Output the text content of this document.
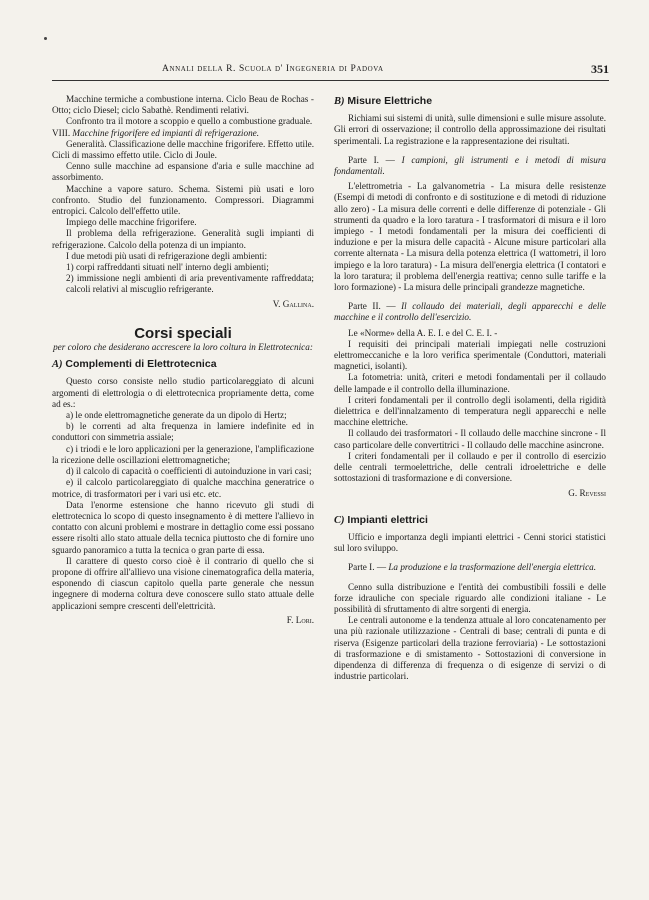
Annali della R. Scuola d' Ingegneria di Padova	351

Macchine termiche a combustione interna. Ciclo Beau de Rochas - Otto; ciclo Diesel; ciclo Sabathè. Rendimenti relativi.

Confronto tra il motore a scoppio e quello a combustione graduale.

VIII. Macchine frigorifere ed impianti di refrigerazione.

Generalità. Classificazione delle macchine frigorifere. Effetto utile. Cicli di massimo effetto utile. Ciclo di Joule.

Cenno sulle macchine ad espansione d'aria e sulle macchine ad assorbimento.

Macchine a vapore saturo. Schema. Sistemi più usati e loro confronto. Studio del funzionamento. Compressori. Diagrammi entropici. Calcolo dell'effetto utile.

Impiego delle macchine frigorifere.

Il problema della refrigerazione. Generalità sugli impianti di refrigerazione. Calcolo della potenza di un impianto.

I due metodi più usati di refrigerazione degli ambienti:

1) corpi raffreddanti situati nell' interno degli ambienti;

2) immissione negli ambienti di aria preventivamente raffreddata; calcoli relativi al miscuglio refrigerante.

V. Gallina.

Corsi speciali

per coloro che desiderano accrescere la loro coltura in Elettrotecnica:

A) Complementi di Elettrotecnica

Questo corso consiste nello studio particolareggiato di alcuni argomenti di elettrologia o di elettrotecnica propriamente detta, come ad es.:

a) le onde elettromagnetiche generate da un dipolo di Hertz;

b) le correnti ad alta frequenza in lamiere indefinite ed in conduttori con simmetria assiale;

c) i triodi e le loro applicazioni per la generazione, l'amplificazione la ricezione delle oscillazioni elettromagnetiche;

d) il calcolo di capacità o coefficienti di autoinduzione in vari casi;

e) il calcolo particolareggiato di qualche macchina generatrice o motrice, di trasformatori per i vari usi etc. etc.

Data l'enorme estensione che hanno ricevuto gli studi di elettrotecnica lo scopo di questo insegnamento è di mettere l'allievo in contatto con alcuni problemi e mostrare in dettaglio come essi possano essere risolti allo stato attuale della tecnica piuttosto che di fornire uno sguardo panoramico a tutta la tecnica o gran parte di essa.

Il carattere di questo corso cioè è il contrario di quello che si propone di offrire all'allievo una visione cinematografica della materia, esponendo di ciascun capitolo quella parte generale che nessun ingegnere di moderna coltura deve conoscere sullo stato attuale delle applicazioni sempre crescenti dell'elettricità.

F. Lori.

B) Misure Elettriche

Richiami sui sistemi di unità, sulle dimensioni e sulle misure assolute. Gli errori di osservazione; il controllo della approssimazione dei risultati sperimentali. La registrazione e la rappresentazione dei risultati.

Parte I. — I campioni, gli istrumenti e i metodi di misura fondamentali.

L'elettrometria - La galvanometria - La misura delle resistenze (Esempi di metodi di confronto e di sostituzione e di metodi di riduzione allo zero) - La misura delle correnti e delle differenze di potenziale - Gli strumenti da quadro e la loro taratura - I trasformatori di misura e il loro impiego - I metodi fondamentali per la misura dei coefficienti di induzione e per la misura delle capacità - Alcune misure particolari alla corrente alternata - La misura della potenza elettrica (I wattometri, il loro impiego e la loro taratura) - La misura dell'energia elettrica (I contatori e la loro taratura; il problema dell'energia reattiva; cenno sulle tariffe e la loro formazione) - La misura delle principali grandezze magnetiche.

Parte II. — Il collaudo dei materiali, degli apparecchi e delle macchine e il controllo dell'esercizio.

Le «Norme» della A. E. I. e del C. E. I. -

I requisiti dei principali materiali impiegati nelle costruzioni elettromeccaniche e la loro verifica sperimentale (Conduttori, materiali magnetici, isolanti).

La fotometria: unità, criteri e metodi fondamentali per il collaudo delle lampade e il controllo della illuminazione.

I criteri fondamentali per il controllo degli isolamenti, della rigidità dielettrica e dell'innalzamento di temperatura negli apparecchi e nelle macchine elettriche.

Il collaudo dei trasformatori - Il collaudo delle macchine sincrone - Il caso particolare delle convertitrici - Il collaudo delle macchine asincrone.

I criteri fondamentali per il collaudo e per il controllo di esercizio delle centrali termoelettriche, delle centrali idroelettriche e delle sottostazioni di trasformazione e di conversione.

G. Revessi

C) Impianti elettrici

Ufficio e importanza degli impianti elettrici - Cenni storici statistici sul loro sviluppo.

Parte I. — La produzione e la trasformazione dell'energia elettrica.

Cenno sulla distribuzione e l'entità dei combustibili fossili e delle forze idrauliche con speciale riguardo alle condizioni italiane - Le possibilità di sfruttamento di altre sorgenti di energia.

Le centrali autonome e la tendenza attuale al loro concatenamento per una più razionale utilizzazione - Centrali di base; centrali di punta e di riserva (Esigenze particolari della trazione ferroviaria) - Le sottostazioni di trasformazione e di smistamento - Sottostazioni di conversione in dipendenza di differenza di frequenza o di esigenze di servizi o di industrie particolari.
